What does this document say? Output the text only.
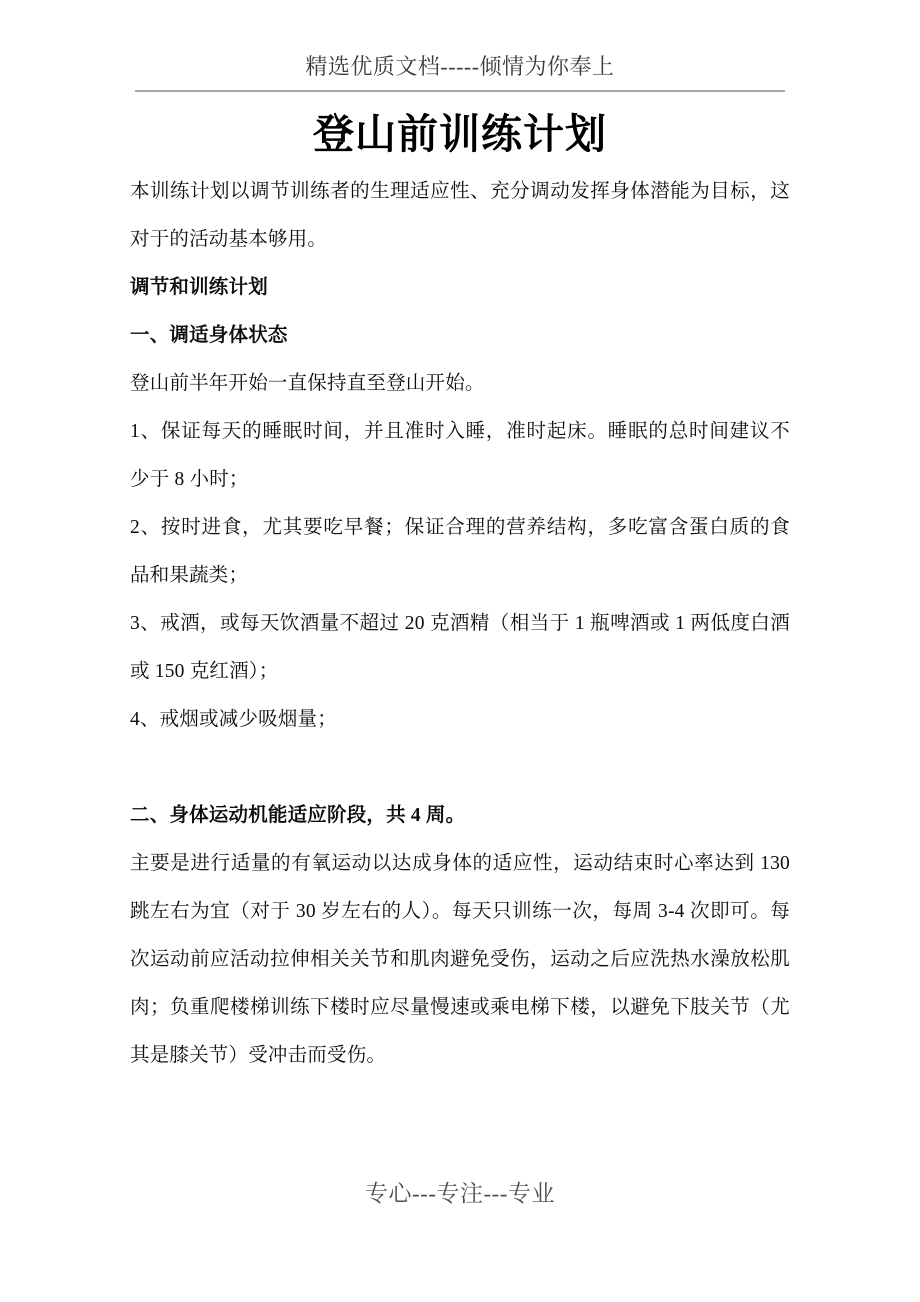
精选优质文档-----倾情为你奉上
登山前训练计划

本训练计划以调节训练者的生理适应性、充分调动发挥身体潜能为目标，这对于的活动基本够用。

调节和训练计划

一、调适身体状态

登山前半年开始一直保持直至登山开始。

1、保证每天的睡眠时间，并且准时入睡，准时起床。睡眠的总时间建议不少于 8 小时；

2、按时进食，尤其要吃早餐；保证合理的营养结构，多吃富含蛋白质的食品和果蔬类；

3、戒酒，或每天饮酒量不超过 20 克酒精（相当于 1 瓶啤酒或 1 两低度白酒或 150 克红酒）；

4、戒烟或减少吸烟量；

二、身体运动机能适应阶段，共 4 周。

主要是进行适量的有氧运动以达成身体的适应性，运动结束时心率达到 130 跳左右为宜（对于 30 岁左右的人）。每天只训练一次，每周 3-4 次即可。每次运动前应活动拉伸相关关节和肌肉避免受伤，运动之后应洗热水澡放松肌肉；负重爬楼梯训练下楼时应尽量慢速或乘电梯下楼，以避免下肢关节（尤其是膝关节）受冲击而受伤。

专心---专注---专业
